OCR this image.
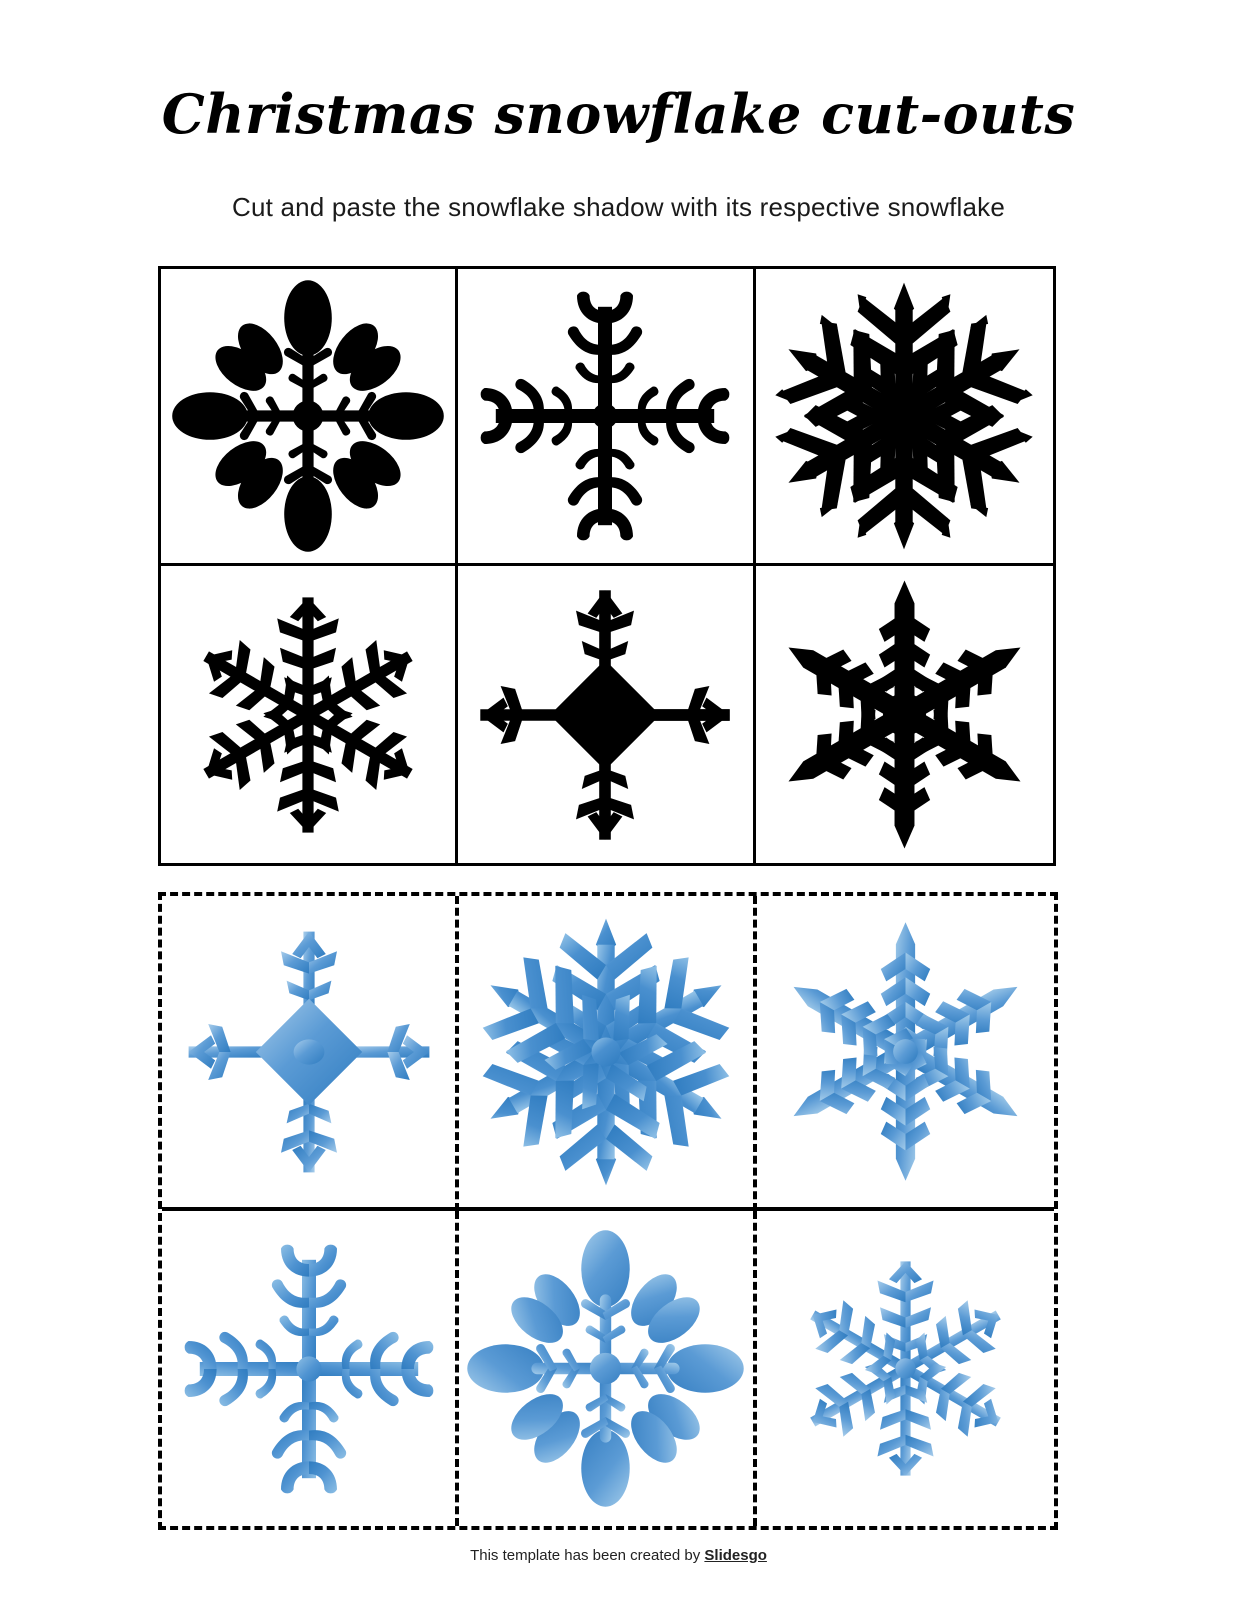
Christmas snowflake cut-outs
Cut and paste the snowflake shadow with its respective snowflake
This template has been created by Slidesgo
